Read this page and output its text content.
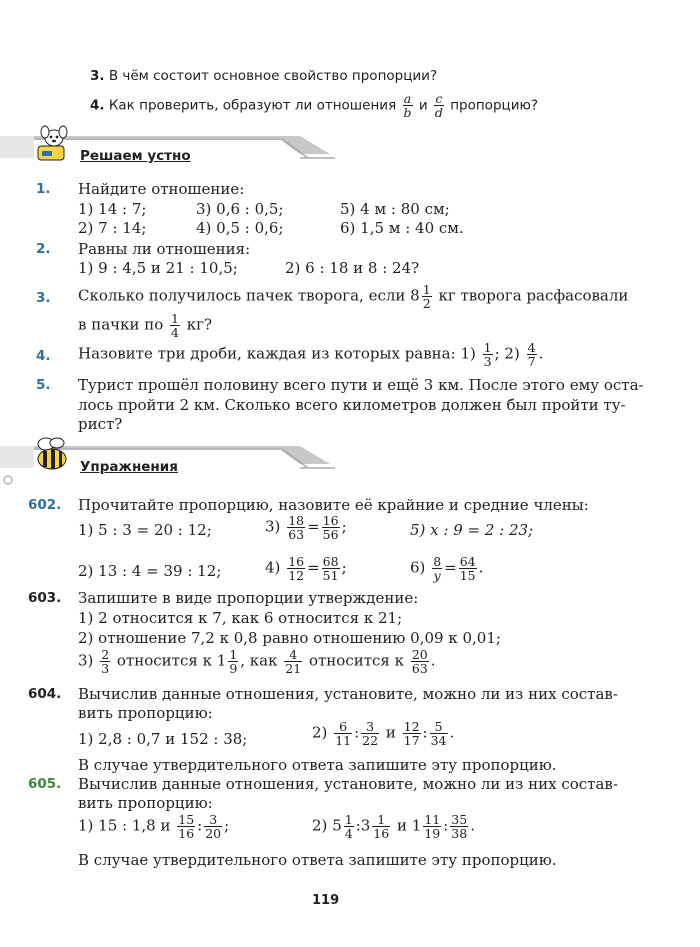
3. В чём состоит основное свойство пропорции?
4. Как проверить, образуют ли отношения $\frac{a}{b}$ и $\frac{c}{d}$ пропорцию?
Решаем устно
1. Найдите отношение:
1) 14 : 7;	3) 0,6 : 0,5;	5) 4 м : 80 см;
2) 7 : 14;	4) 0,5 : 0,6;	6) 1,5 м : 40 см.
2. Равны ли отношения:
1) 9 : 4,5 и 21 : 10,5;	2) 6 : 18 и 8 : 24?
3. Сколько получилось пачек творога, если $8 \frac{1}{2}$ кг творога расфасовали
в пачки по $\frac{1}{4}$ кг?
4. Назовите три дроби, каждая из которых равна: $1) \frac{1}{3}$ ; $2) \frac{4}{7}$ .
5. Турист прошёл половину всего пути и ещё 3 км. После этого ему оста-
лось пройти 2 км. Сколько всего километров должен был пройти ту-
рист?
Упражнения
602. Прочитайте пропорцию, назовите её крайние и средние члены:
1) 5 : 3 = 20 : 12;	$3) \frac{18}{63} = \frac{16}{56}$ ;	5) x : 9 = 2 : 23;
2) 13 : 4 = 39 : 12;	$4) \frac{16}{12} = \frac{68}{51}$ ;	$6) \frac{8}{y} = \frac{64}{15}$ .
603. Запишите в виде пропорции утверждение:
1) 2 относится к 7, как 6 относится к 21;
2) отношение 7,2 к 0,8 равно отношению 0,09 к 0,01;
$3) \frac{2}{3}$ относится к $1 \frac{1}{9}$ , как $\frac{4}{21}$ относится к $\frac{20}{63}$ .
604. Вычислив данные отношения, установите, можно ли из них состав-
вить пропорцию:
1) 2,8 : 0,7 и 152 : 38;	$2) \frac{6}{11}$ : $\frac{3}{22}$ и $\frac{12}{17}$ : $\frac{5}{34}$ .
В случае утвердительного ответа запишите эту пропорцию.
605. Вычислив данные отношения, установите, можно ли из них состав-
вить пропорцию:
1) 15 : 1,8 и $\frac{15}{16}$ : $\frac{3}{20}$ ;	2) $5 \frac{1}{4}$ :3 $\frac{1}{16}$ и $1 \frac{11}{19}$ : $\frac{35}{38}$ .
В случае утвердительного ответа запишите эту пропорцию.
119
